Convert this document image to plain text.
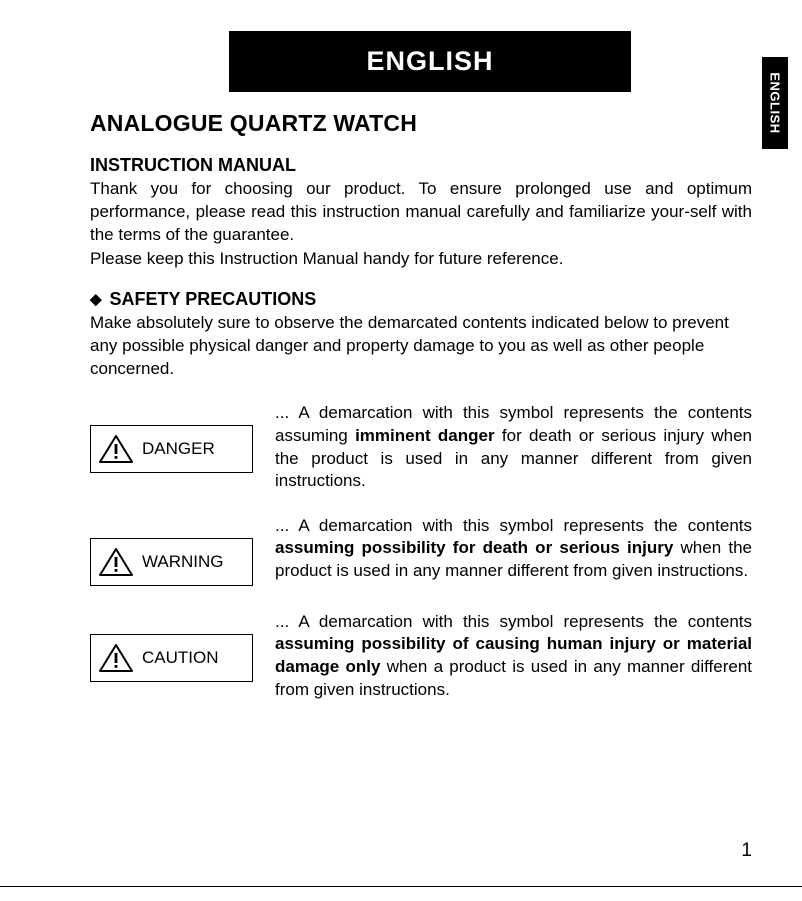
ENGLISH
ENGLISH
ANALOGUE QUARTZ WATCH
INSTRUCTION MANUAL

Thank you for choosing our product. To ensure prolonged use and optimum performance, please read this instruction manual carefully and familiarize your-self with the terms of the guarantee.

Please keep this Instruction Manual handy for future reference.

◆ SAFETY PRECAUTIONS

Make absolutely sure to observe the demarcated contents indicated below to prevent any possible physical danger and property damage to you as well as other people concerned.

DANGER
... A demarcation with this symbol represents the contents assuming imminent danger for death or serious injury when the product is used in any manner different from given instructions.
WARNING
... A demarcation with this symbol represents the contents assuming possibility for death or serious injury when the product is used in any manner different from given instructions.
CAUTION
... A demarcation with this symbol represents the contents assuming possibility of causing human injury or material damage only when a product is used in any manner different from given instructions.
1
